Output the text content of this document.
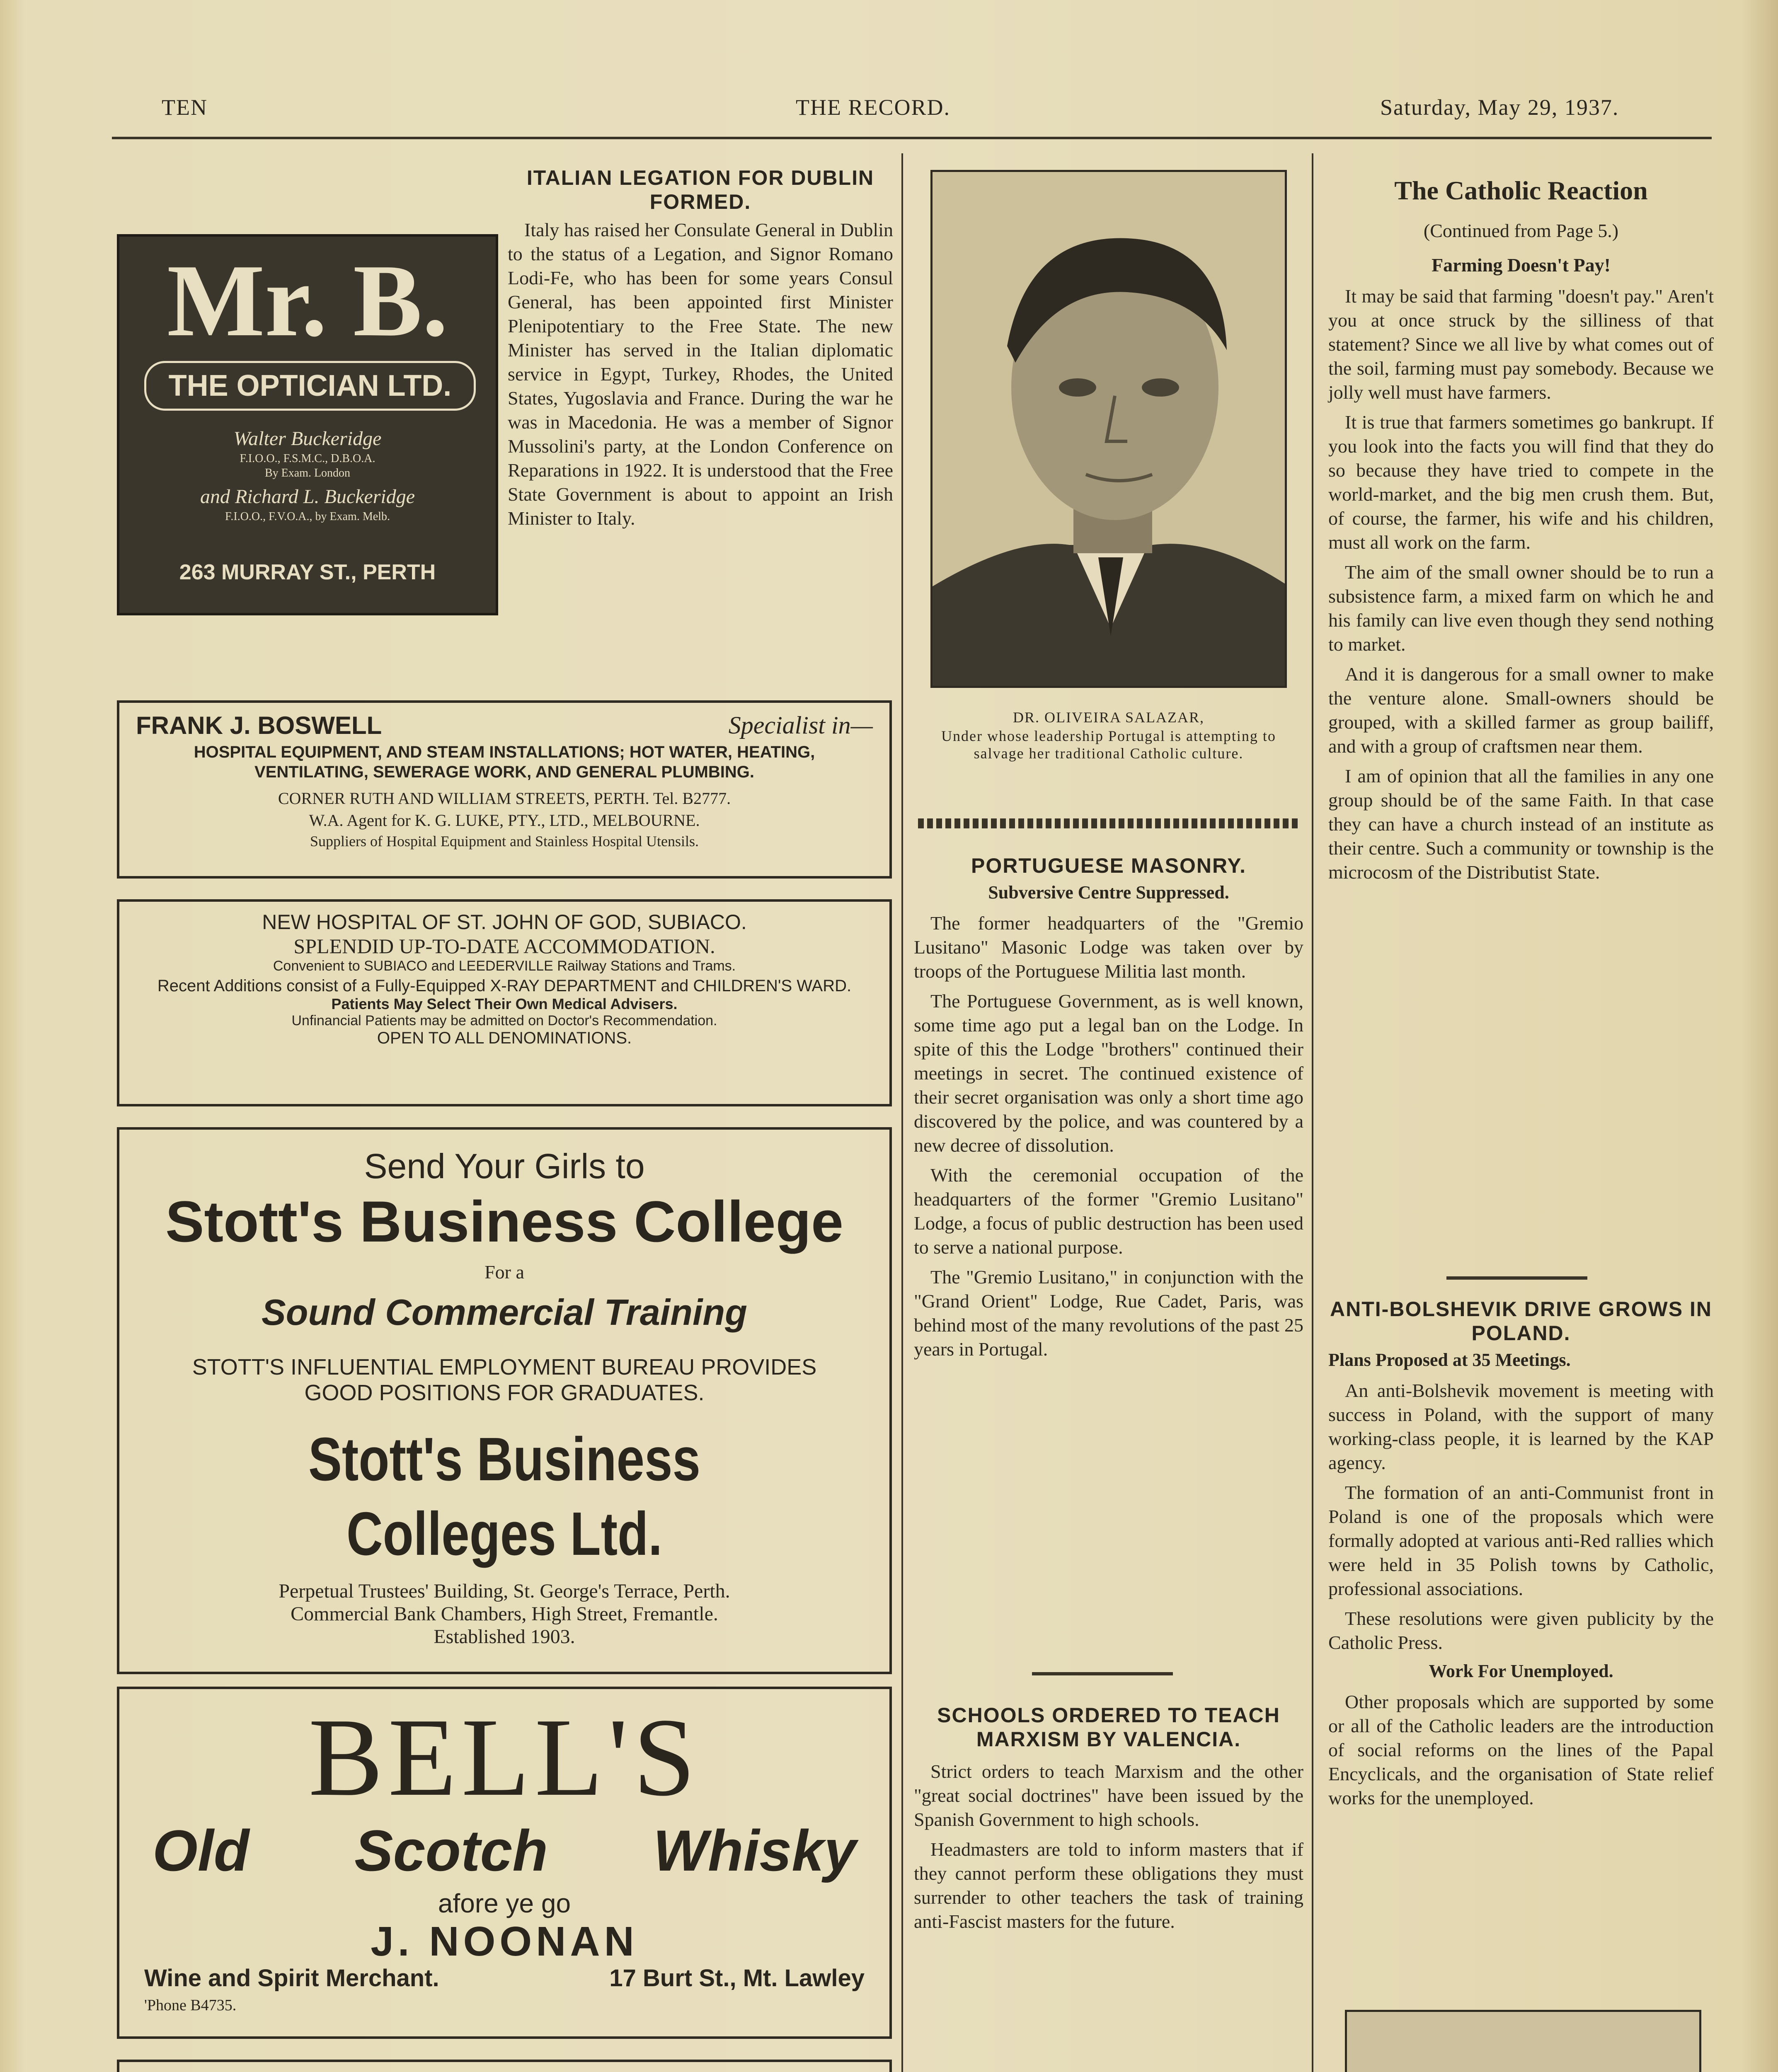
TEN	THE RECORD.	Saturday, May 29, 1937.
Mr. B.
THE OPTICIAN LTD.
Walter Buckeridge
F.I.O.O., F.S.M.C., D.B.O.A.
By Exam. London
and Richard L. Buckeridge
F.I.O.O., F.V.O.A., by Exam. Melb.
263 MURRAY ST., PERTH
ITALIAN LEGATION FOR DUBLIN FORMED.

Italy has raised her Consulate General in Dublin to the status of a Legation, and Signor Romano Lodi-Fe, who has been for some years Consul General, has been appointed first Minister Plenipotentiary to the Free State. The new Minister has served in the Italian diplomatic service in Egypt, Turkey, Rhodes, the United States, Yugoslavia and France. During the war he was in Macedonia. He was a member of Signor Mussolini's party, at the London Conference on Reparations in 1922. It is understood that the Free State Government is about to appoint an Irish Minister to Italy.

FRANK J. BOSWELL	Specialist in—
HOSPITAL EQUIPMENT, AND STEAM INSTALLATIONS; HOT WATER, HEATING, VENTILATING, SEWERAGE WORK, AND GENERAL PLUMBING.
CORNER RUTH AND WILLIAM STREETS, PERTH. Tel. B2777.
W.A. Agent for K. G. LUKE, PTY., LTD., MELBOURNE.
Suppliers of Hospital Equipment and Stainless Hospital Utensils.
NEW HOSPITAL OF ST. JOHN OF GOD, SUBIACO.
SPLENDID UP-TO-DATE ACCOMMODATION.
Convenient to SUBIACO and LEEDERVILLE Railway Stations and Trams.
Recent Additions consist of a Fully-Equipped X-RAY DEPARTMENT and CHILDREN'S WARD.
Patients May Select Their Own Medical Advisers.
Unfinancial Patients may be admitted on Doctor's Recommendation.
OPEN TO ALL DENOMINATIONS.
Send Your Girls to
Stott's Business College
For a
Sound Commercial Training
STOTT'S INFLUENTIAL EMPLOYMENT BUREAU PROVIDES GOOD POSITIONS FOR GRADUATES.
Stott's Business Colleges Ltd.
Perpetual Trustees' Building, St. George's Terrace, Perth.
Commercial Bank Chambers, High Street, Fremantle.
Established 1903.
BELL'S
Old Scotch Whisky
afore ye go
J. NOONAN
Wine and Spirit Merchant.	17 Burt St., Mt. Lawley
'Phone B4735.
DR. OLIVEIRA SALAZAR,
Under whose leadership Portugal is attempting to salvage her traditional Catholic culture.
PORTUGUESE MASONRY.
Subversive Centre Suppressed.

The former headquarters of the "Gremio Lusitano" Masonic Lodge was taken over by troops of the Portuguese Militia last month.

The Portuguese Government, as is well known, some time ago put a legal ban on the Lodge. In spite of this the Lodge "brothers" continued their meetings in secret. The continued existence of their secret organisation was only a short time ago discovered by the police, and was countered by a new decree of dissolution.

With the ceremonial occupation of the headquarters of the former "Gremio Lusitano" Lodge, a focus of public destruction has been used to serve a national purpose.

The "Gremio Lusitano," in conjunction with the "Grand Orient" Lodge, Rue Cadet, Paris, was behind most of the many revolutions of the past 25 years in Portugal.

SCHOOLS ORDERED TO TEACH MARXISM BY VALENCIA.

Strict orders to teach Marxism and the other "great social doctrines" have been issued by the Spanish Government to high schools.

Headmasters are told to inform masters that if they cannot perform these obligations they must surrender to other teachers the task of training anti-Fascist masters for the future.

The Catholic Reaction
(Continued from Page 5.)
Farming Doesn't Pay!

It may be said that farming "doesn't pay." Aren't you at once struck by the silliness of that statement? Since we all live by what comes out of the soil, farming must pay somebody. Because we jolly well must have farmers.

It is true that farmers sometimes go bankrupt. If you look into the facts you will find that they do so because they have tried to compete in the world-market, and the big men crush them. But, of course, the farmer, his wife and his children, must all work on the farm.

The aim of the small owner should be to run a subsistence farm, a mixed farm on which he and his family can live even though they send nothing to market.

And it is dangerous for a small owner to make the venture alone. Small-owners should be grouped, with a skilled farmer as group bailiff, and with a group of craftsmen near them.

I am of opinion that all the families in any one group should be of the same Faith. In that case they can have a church instead of an institute as their centre. Such a community or township is the microcosm of the Distributist State.

ANTI-BOLSHEVIK DRIVE GROWS IN POLAND.
Plans Proposed at 35 Meetings.

An anti-Bolshevik movement is meeting with success in Poland, with the support of many working-class people, it is learned by the KAP agency.

The formation of an anti-Communist front in Poland is one of the proposals which were formally adopted at various anti-Red rallies which were held in 35 Polish towns by Catholic, professional associations.

These resolutions were given publicity by the Catholic Press.

Work For Unemployed.

Other proposals which are supported by some or all of the Catholic leaders are the introduction of social reforms on the lines of the Papal Encyclicals, and the organisation of State relief works for the unemployed.
